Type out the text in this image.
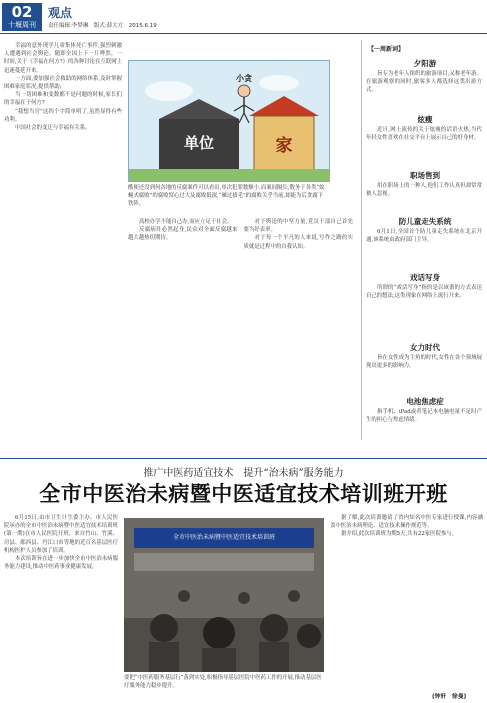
02
十堰周刊
观点
责任编辑:李梦琳　版式:薛大方　2015.6.19

幸福的意外现学儿童集体死亡事件,强烈刺激人遭遇到社会舆论。随即全国上下一片哗然。一时间,关于《幸福在何方?》的各种讨论在互联网上迅速蔓延开来。

一方面,要加强社会救助的网络体系,及时掌握困难家庭状况,提供帮助;

当一切困难和变数都不是问题的时候,家长们的幸福在于何方?

“我想当官”这四个字简单明了,虽然显得有些功利。

中国社会的变迁与幸福有关系。

单位	家
小贪
酷便还没到何各地的反腐案件可以看出,单次犯罪数额小,而案间隔长,数务于各类“蚊蝇式腐败”的腐败窝心过大及腐败抵深,“雁过拔毛”的腐败关乎当前,却能为后贪腐下铁阵。

高校办学不能自己办,而应立足于社会。

反腐病灶必然起身,民众对全面反腐越来越大越热切期待。

对于舆论的中坚力量,党员干部自己首先要当好表率。

对于每一个平凡的人来说,写作之路的实质就是过程中的自我认知。

【一周新词】
夕阳游

旨专为老年人组织的旅游项目,又称老年游。在旅游观察的同时,旅客多人都选择这类出游方式。

炫瘦

近日,网上流传的关于炫瘦的话语火热,当代年轻女性喜欢在社交平台上展示自己的好身材。

职场售到

用在职场上的一种人,他们工作认真但却常常被人忽视。

防儿童走失系统

6月1日,全国首个防儿童走失系统在北京开通,该系统由政府部门主导。

戏话写身

所谓的“戏话写身”指的是以诙谐的方式表达自己的想法,这类现象在网络上流行开来。

女力时代

旨在女性成为主角的时代,女性在各个领域展现出更多的影响力。

电池焦虑症

指手机、iPad或者笔记本电脑电量不足时产生的担心与焦虑情绪。

推广中医药适宜技术　提升“治未病”服务能力
全市中医治未病暨中医适宜技术培训班开班

6月15日,由市卫生计生委主办、市人民医院承办的全市中医治未病暨中医适宜技术培训班(第一期)在市人民医院开班。来自竹山、竹溪、房县、郧西县、丹江口市等地的近百名基层医疗机构医护人员参加了培训。

本次培训旨在进一步加快全市中医治未病服务能力建设,推动中医药事业健康发展。

全市中医治未病暨中医适宜技术培训班
要把“中医药服务基层行”落到实处,积极指导基层医院中医药工作的开展,推动基层医疗服务能力稳步提升。

据了解,此次培训邀请了省内知名中医专家进行授课,内容涵盖中医治未病理论、适宜技术操作规范等。

据介绍,此次培训班为期5天,共有22家医院参与。

(钟轩　徐曼)
